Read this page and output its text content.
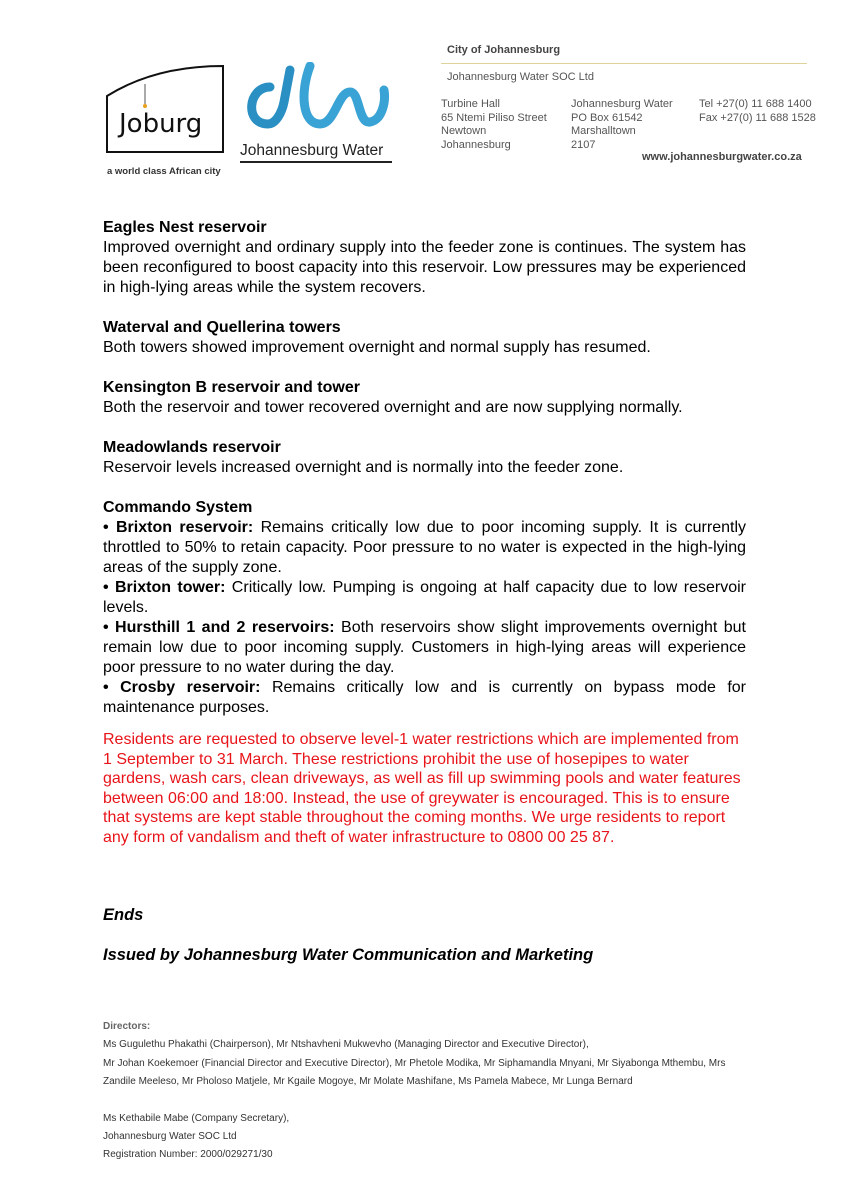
Joburg
a world class African city
Johannesburg Water
City of Johannesburg
Johannesburg Water SOC Ltd
Turbine Hall
65 Ntemi Piliso Street
Newtown
Johannesburg
Johannesburg Water
PO Box 61542
Marshalltown
2107
Tel +27(0) 11 688 1400
Fax +27(0) 11 688 1528
www.johannesburgwater.co.za
Eagles Nest reservoir

Improved overnight and ordinary supply into the feeder zone is continues. The system has been reconfigured to boost capacity into this reservoir. Low pressures may be experienced in high-lying areas while the system recovers.

Waterval and Quellerina towers

Both towers showed improvement overnight and normal supply has resumed.

Kensington B reservoir and tower

Both the reservoir and tower recovered overnight and are now supplying normally.

Meadowlands reservoir

Reservoir levels increased overnight and is normally into the feeder zone.

Commando System
• Brixton reservoir: Remains critically low due to poor incoming supply. It is currently throttled to 50% to retain capacity. Poor pressure to no water is expected in the high-lying areas of the supply zone.
• Brixton tower: Critically low. Pumping is ongoing at half capacity due to low reservoir levels.
• Hursthill 1 and 2 reservoirs: Both reservoirs show slight improvements overnight but remain low due to poor incoming supply. Customers in high-lying areas will experience poor pressure to no water during the day.
• Crosby reservoir: Remains critically low and is currently on bypass mode for maintenance purposes.
Residents are requested to observe level-1 water restrictions which are implemented from 1 September to 31 March. These restrictions prohibit the use of hosepipes to water gardens, wash cars, clean driveways, as well as fill up swimming pools and water features between 06:00 and 18:00. Instead, the use of greywater is encouraged. This is to ensure that systems are kept stable throughout the coming months. We urge residents to report any form of vandalism and theft of water infrastructure to 0800 00 25 87.
Ends
Issued by Johannesburg Water Communication and Marketing
Directors:
Ms Gugulethu Phakathi (Chairperson), Mr Ntshavheni Mukwevho (Managing Director and Executive Director),
Mr Johan Koekemoer (Financial Director and Executive Director), Mr Phetole Modika, Mr Siphamandla Mnyani, Mr Siyabonga Mthembu, Mrs
Zandile Meeleso, Mr Pholoso Matjele, Mr Kgaile Mogoye, Mr Molate Mashifane, Ms Pamela Mabece, Mr Lunga Bernard
Ms Kethabile Mabe (Company Secretary),
Johannesburg Water SOC Ltd
Registration Number: 2000/029271/30
